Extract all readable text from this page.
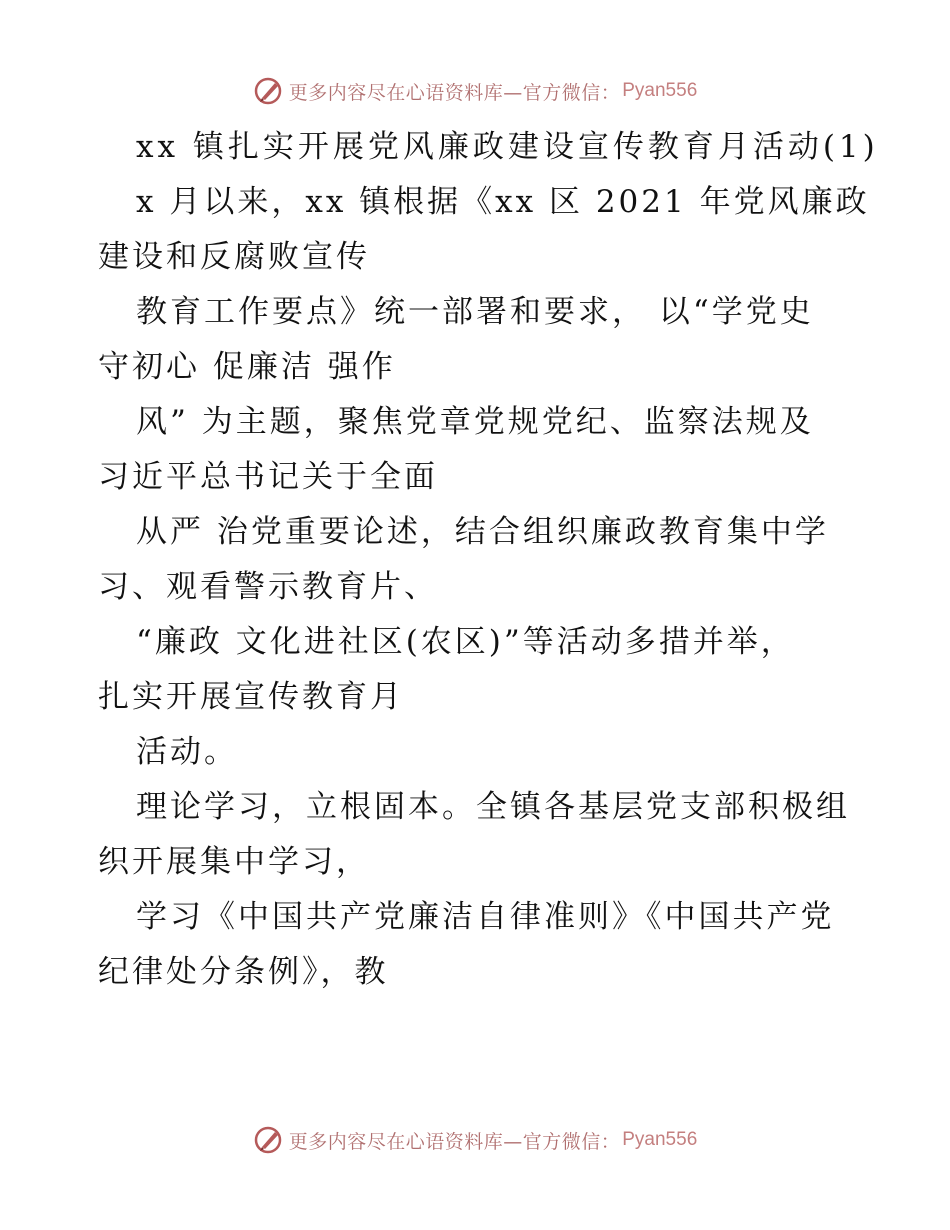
更多内容尽在心语资料库—官方微信： Pyan556
xx 镇扎实开展党风廉政建设宣传教育月活动(1)
x 月以来，xx 镇根据《xx 区 2021 年党风廉政
建设和反腐败宣传
教育工作要点》统一部署和要求， 以“学党史
守初心 促廉洁 强作
风” 为主题，聚焦党章党规党纪、监察法规及
习近平总书记关于全面
从严 治党重要论述，结合组织廉政教育集中学
习、观看警示教育片、
“廉政 文化进社区(农区)”等活动多措并举，
扎实开展宣传教育月
活动。
理论学习，立根固本。全镇各基层党支部积极组
织开展集中学习，
学习《中国共产党廉洁自律准则》《中国共产党
纪律处分条例》，教
更多内容尽在心语资料库—官方微信： Pyan556
